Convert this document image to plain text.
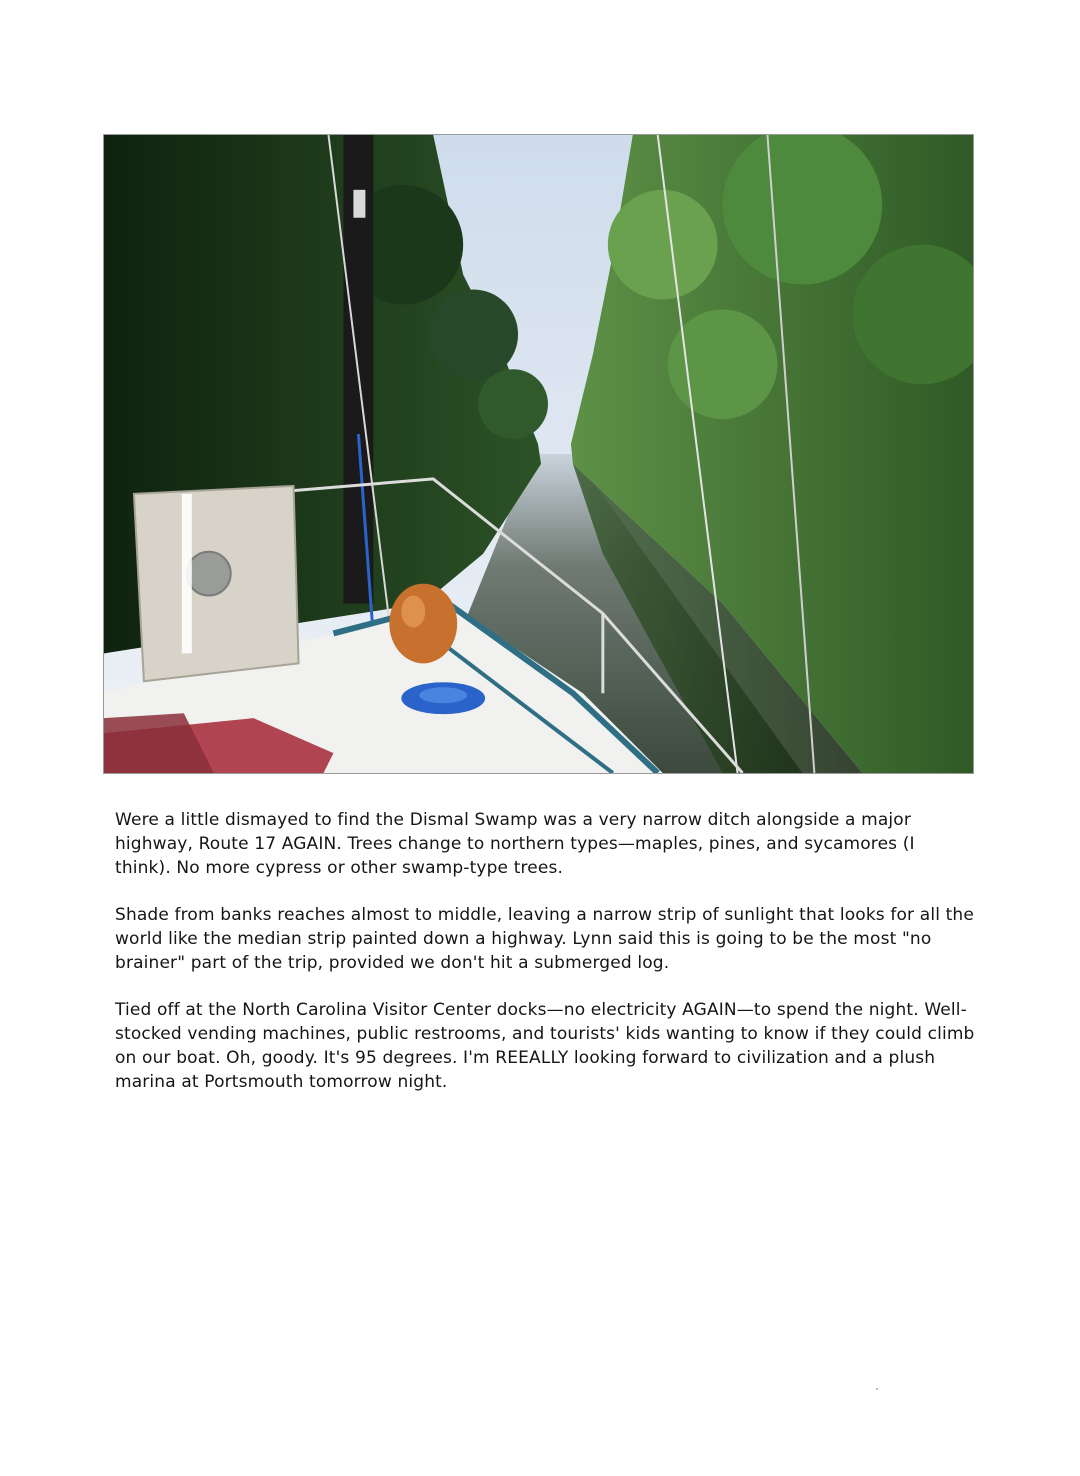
Were a little dismayed to find the Dismal Swamp was a very narrow ditch alongside a major highway, Route 17 AGAIN. Trees change to northern types—maples, pines, and sycamores (I think). No more cypress or other swamp-type trees.

Shade from banks reaches almost to middle, leaving a narrow strip of sunlight that looks for all the world like the median strip painted down a highway. Lynn said this is going to be the most "no brainer" part of the trip, provided we don't hit a submerged log.

Tied off at the North Carolina Visitor Center docks—no electricity AGAIN—to spend the night. Well-stocked vending machines, public restrooms, and tourists' kids wanting to know if they could climb on our boat. Oh, goody. It's 95 degrees. I'm REEALLY looking forward to civilization and a plush marina at Portsmouth tomorrow night.
